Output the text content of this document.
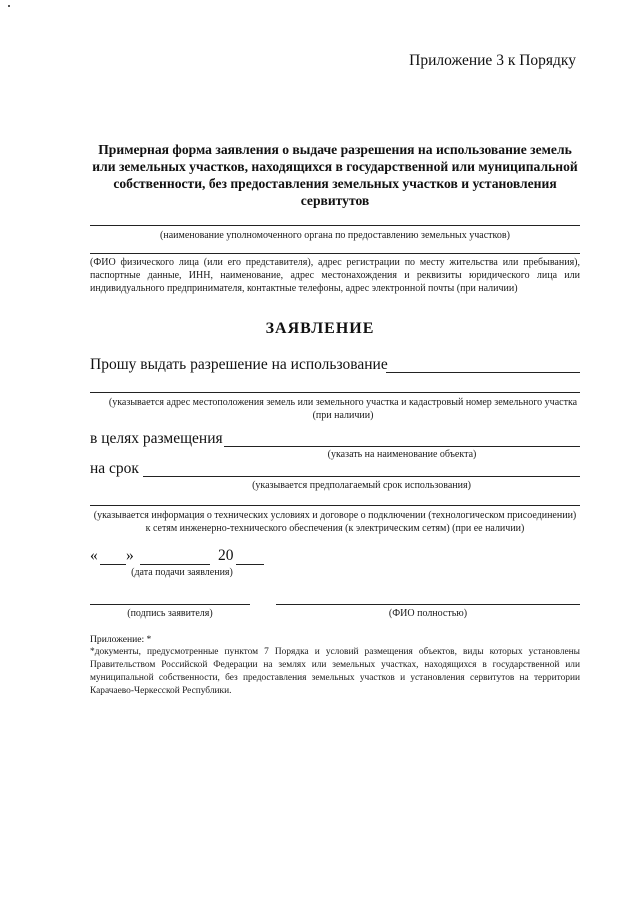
Приложение 3 к Порядку
Примерная форма заявления о выдаче разрешения на использование земель или земельных участков, находящихся в государственной или муниципальной собственности, без предоставления земельных участков и установления сервитутов
(наименование уполномоченного органа по предоставлению земельных участков)
(ФИО физического лица (или его представителя), адрес регистрации по месту жительства или пребывания), паспортные данные, ИНН, наименование, адрес местонахождения и реквизиты юридического лица или индивидуального предпринимателя, контактные телефоны, адрес электронной почты (при наличии)
ЗАЯВЛЕНИЕ
Прошу выдать разрешение на использование
(указывается адрес местоположения земель или земельного участка и кадастровый номер земельного участка (при наличии)
в целях размещения
(указать на наименование объекта)
на срок
(указывается предполагаемый срок использования)
(указывается информация о технических условиях и договоре о подключении (технологическом присоединении) к сетям инженерно-технического обеспечения (к электрическим сетям) (при ее наличии)
« »	20
(дата подачи заявления)
(подпись заявителя)	(ФИО полностью)
Приложение: *
*документы, предусмотренные пунктом 7 Порядка и условий размещения объектов, виды которых установлены Правительством Российской Федерации на землях или земельных участках, находящихся в государственной или муниципальной собственности, без предоставления земельных участков и установления сервитутов на территории Карачаево-Черкесской Республики.
